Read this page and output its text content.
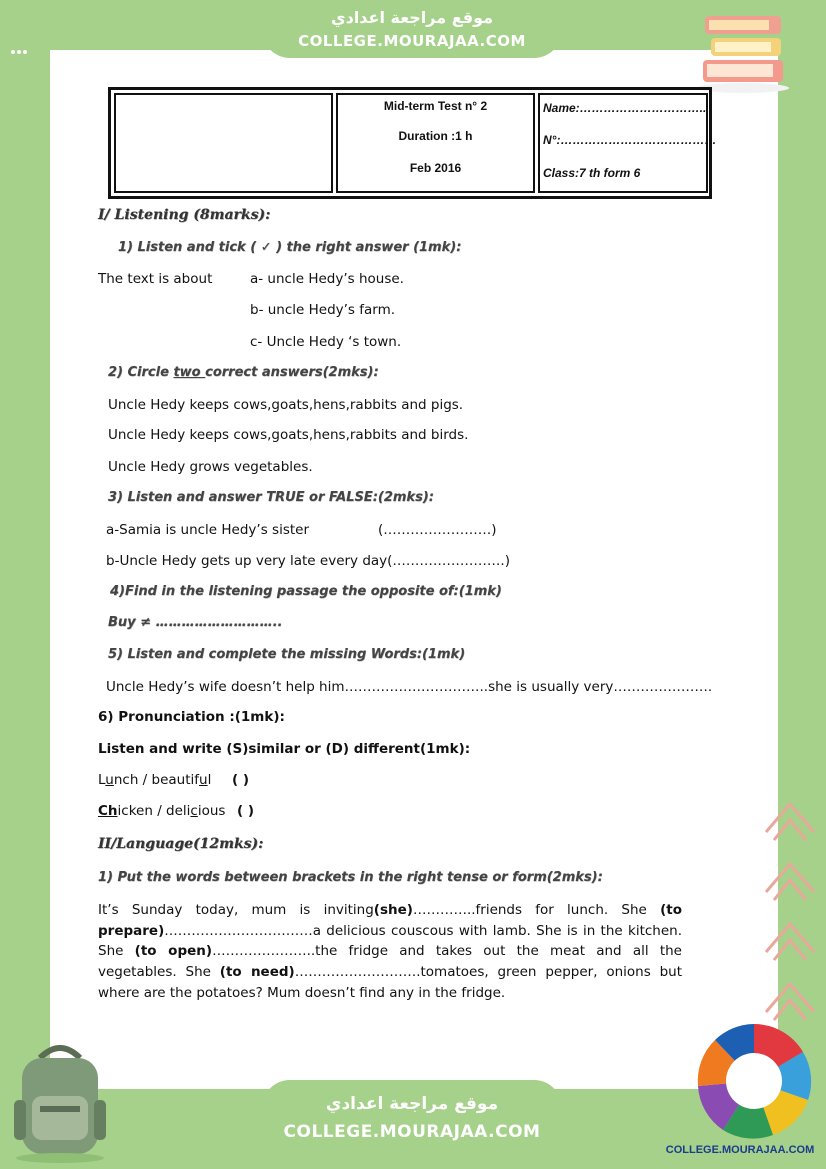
موقع مراجعة اعدادي
COLLEGE.MOURAJAA.COM
Mid-term Test n° 2
Duration :1 h
Feb 2016
Name:…………………………..
N°:…………………………………
Class:7 th form 6
I/ Listening (8marks):
1) Listen and tick ( ✓ ) the right answer (1mk):
The text is about	a- uncle Hedy’s house.
b- uncle Hedy’s farm.
c- Uncle Hedy ‘s town.
2) Circle two correct answers(2mks):
Uncle Hedy keeps cows,goats,hens,rabbits and pigs.
Uncle Hedy keeps cows,goats,hens,rabbits and birds.
Uncle Hedy grows vegetables.
3) Listen and answer TRUE or FALSE:(2mks):
a-Samia is uncle Hedy’s sister	(……………………)
b-Uncle Hedy gets up very late every day(…………………….)
4)Find in the listening passage the opposite of:(1mk)
Buy ≠ ………………………..
5) Listen and complete the missing Words:(1mk)
Uncle Hedy’s wife doesn’t help him…………………………..she is usually very………………….
6) Pronunciation :(1mk):
Listen and write (S)similar or (D) different(1mk):
Lunch / beautiful ( )
Chicken / delicious ( )
II/Language(12mks):
1) Put the words between brackets in the right tense or form(2mks):
It’s Sunday today, mum is inviting(she)…………..friends for lunch. She (to prepare)……………………………a delicious couscous with lamb. She is in the kitchen. She (to open)…………………..the fridge and takes out the meat and all the vegetables. She (to need)……………………….tomatoes, green pepper, onions but where are the potatoes? Mum doesn’t find any in the fridge.
موقع مراجعة اعدادي
COLLEGE.MOURAJAA.COM
COLLEGE.MOURAJAA.COM
